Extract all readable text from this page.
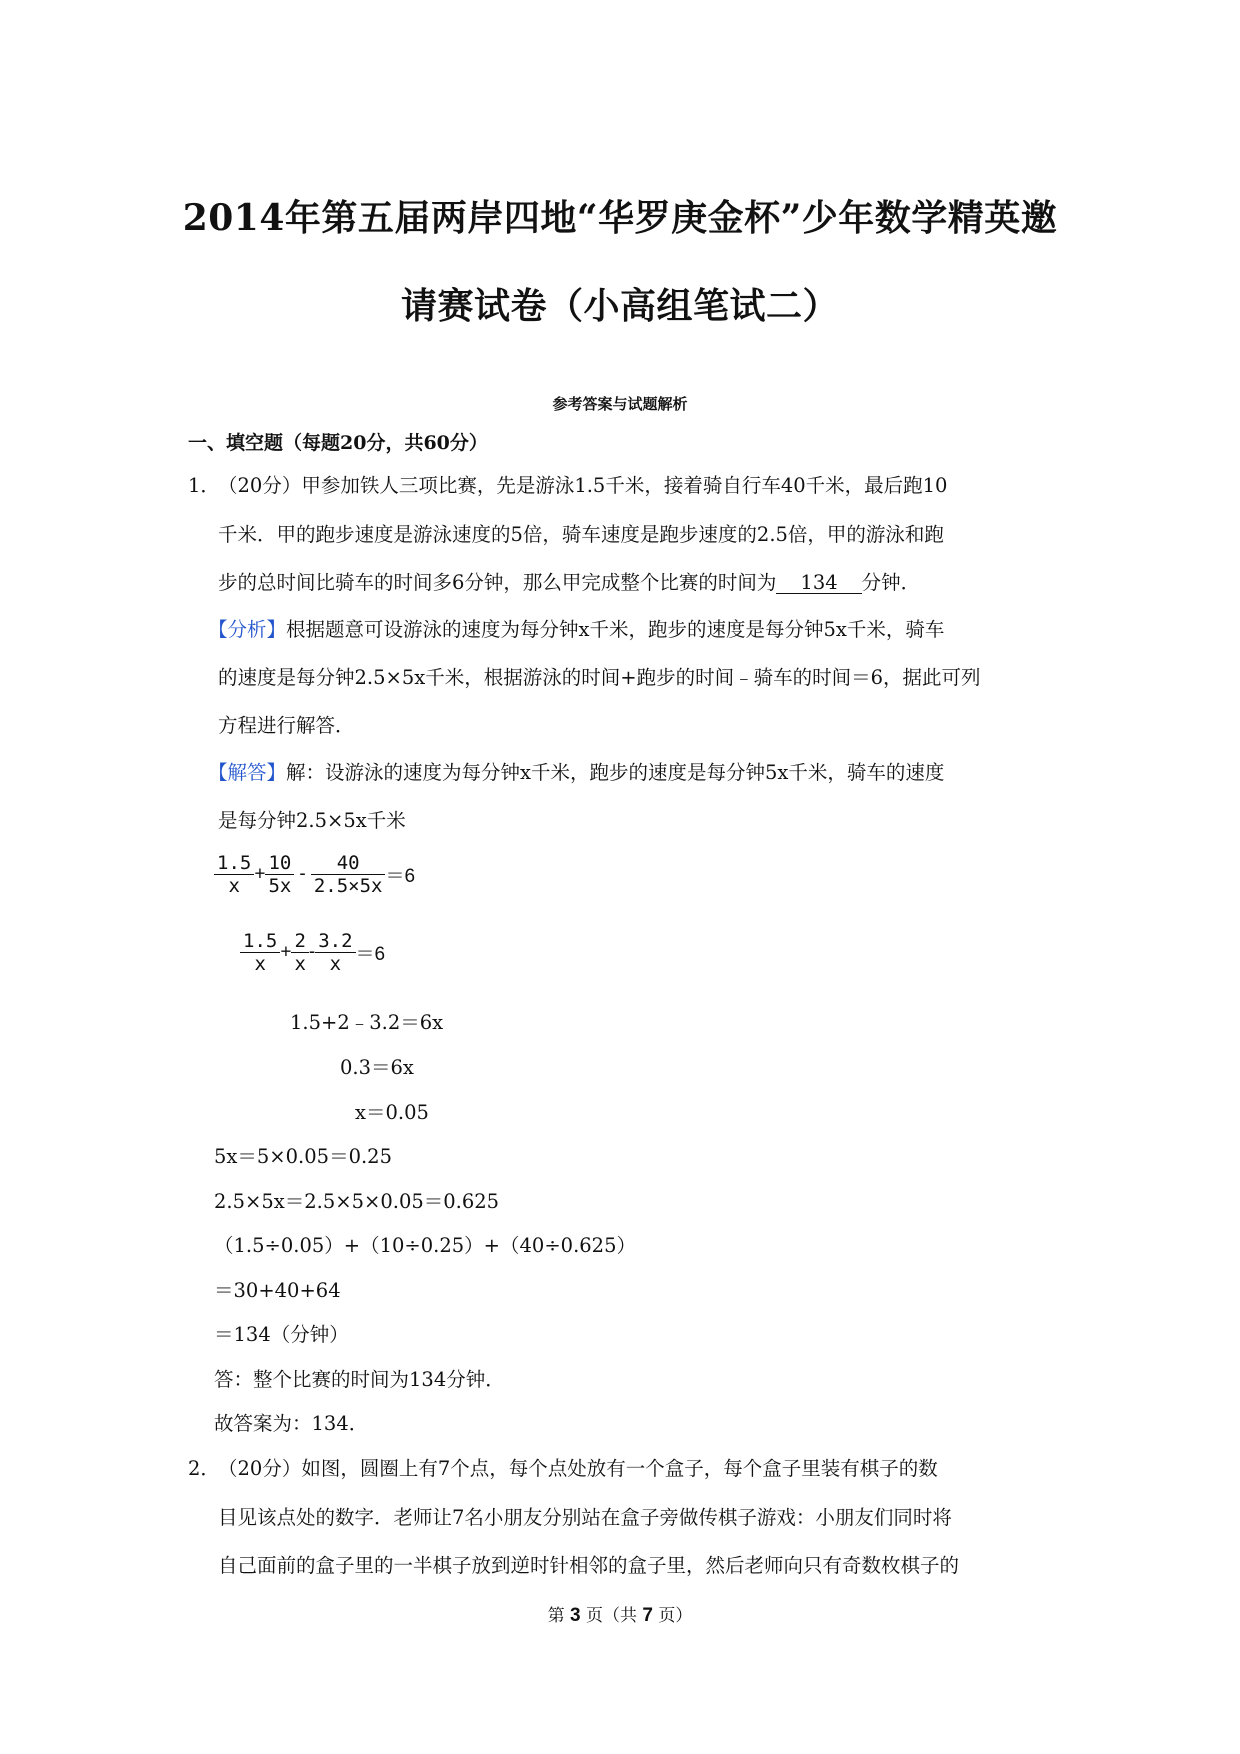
2014年第五届两岸四地“华罗庚金杯”少年数学精英邀
请赛试卷（小高组笔试二）
参考答案与试题解析
一、填空题（每题20分，共60分）
1．
（20分）甲参加铁人三项比赛，先是游泳1.5千米，接着骑自行车40千米，最后跑10
千米．甲的跑步速度是游泳速度的5倍，骑车速度是跑步速度的2.5倍，甲的游泳和跑
步的总时间比骑车的时间多6分钟，那么甲完成整个比赛的时间为 134 分钟．
【分析】根据题意可设游泳的速度为每分钟x千米，跑步的速度是每分钟5x千米，骑车
的速度是每分钟2.5×5x千米，根据游泳的时间+跑步的时间﹣骑车的时间＝6，据此可列
方程进行解答．
【解答】解：设游泳的速度为每分钟x千米，跑步的速度是每分钟5x千米，骑车的速度
是每分钟2.5×5x千米
$\frac{1.5}{x} + \frac{10}{5x} - \frac{40}{2.5\times 5x} =6$
$\frac{1.5}{x} + \frac{2}{x} - \frac{3.2}{x} =6$
1.5+2﹣3.2＝6x
0.3＝6x
x＝0.05
5x＝5×0.05＝0.25
2.5×5x＝2.5×5×0.05＝0.625
（1.5÷0.05）+（10÷0.25）+（40÷0.625）
＝30+40+64
＝134（分钟）
答：整个比赛的时间为134分钟．
故答案为：134．
2．
（20分）如图，圆圈上有7个点，每个点处放有一个盒子，每个盒子里装有棋子的数
目见该点处的数字．老师让7名小朋友分别站在盒子旁做传棋子游戏：小朋友们同时将
自己面前的盒子里的一半棋子放到逆时针相邻的盒子里，然后老师向只有奇数枚棋子的
第 3 页（共 7 页）
